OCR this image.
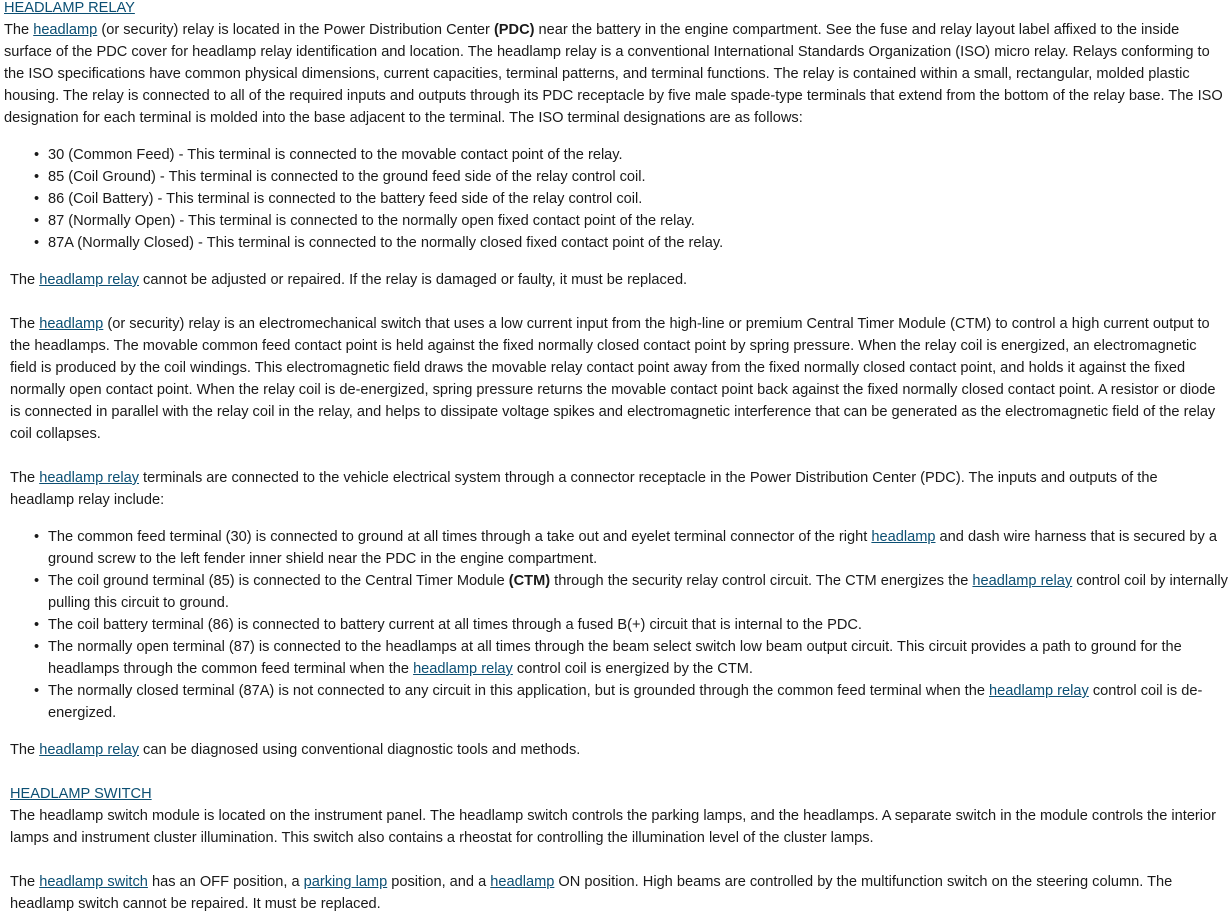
HEADLAMP RELAY

The headlamp (or security) relay is located in the Power Distribution Center (PDC) near the battery in the engine compartment. See the fuse and relay layout label affixed to the inside surface of the PDC cover for headlamp relay identification and location. The headlamp relay is a conventional International Standards Organization (ISO) micro relay. Relays conforming to the ISO specifications have common physical dimensions, current capacities, terminal patterns, and terminal functions. The relay is contained within a small, rectangular, molded plastic housing. The relay is connected to all of the required inputs and outputs through its PDC receptacle by five male spade-type terminals that extend from the bottom of the relay base. The ISO designation for each terminal is molded into the base adjacent to the terminal. The ISO terminal designations are as follows:

• 30 (Common Feed) - This terminal is connected to the movable contact point of the relay.
• 85 (Coil Ground) - This terminal is connected to the ground feed side of the relay control coil.
• 86 (Coil Battery) - This terminal is connected to the battery feed side of the relay control coil.
• 87 (Normally Open) - This terminal is connected to the normally open fixed contact point of the relay.
• 87A (Normally Closed) - This terminal is connected to the normally closed fixed contact point of the relay.

The headlamp relay cannot be adjusted or repaired. If the relay is damaged or faulty, it must be replaced.

The headlamp (or security) relay is an electromechanical switch that uses a low current input from the high-line or premium Central Timer Module (CTM) to control a high current output to the headlamps. The movable common feed contact point is held against the fixed normally closed contact point by spring pressure. When the relay coil is energized, an electromagnetic field is produced by the coil windings. This electromagnetic field draws the movable relay contact point away from the fixed normally closed contact point, and holds it against the fixed normally open contact point. When the relay coil is de-energized, spring pressure returns the movable contact point back against the fixed normally closed contact point. A resistor or diode is connected in parallel with the relay coil in the relay, and helps to dissipate voltage spikes and electromagnetic interference that can be generated as the electromagnetic field of the relay coil collapses.

The headlamp relay terminals are connected to the vehicle electrical system through a connector receptacle in the Power Distribution Center (PDC). The inputs and outputs of the headlamp relay include:

• The common feed terminal (30) is connected to ground at all times through a take out and eyelet terminal connector of the right headlamp and dash wire harness that is secured by a ground screw to the left fender inner shield near the PDC in the engine compartment.
• The coil ground terminal (85) is connected to the Central Timer Module (CTM) through the security relay control circuit. The CTM energizes the headlamp relay control coil by internally pulling this circuit to ground.
• The coil battery terminal (86) is connected to battery current at all times through a fused B(+) circuit that is internal to the PDC.
• The normally open terminal (87) is connected to the headlamps at all times through the beam select switch low beam output circuit. This circuit provides a path to ground for the headlamps through the common feed terminal when the headlamp relay control coil is energized by the CTM.
• The normally closed terminal (87A) is not connected to any circuit in this application, but is grounded through the common feed terminal when the headlamp relay control coil is de-energized.

The headlamp relay can be diagnosed using conventional diagnostic tools and methods.

HEADLAMP SWITCH

The headlamp switch module is located on the instrument panel. The headlamp switch controls the parking lamps, and the headlamps. A separate switch in the module controls the interior lamps and instrument cluster illumination. This switch also contains a rheostat for controlling the illumination level of the cluster lamps.

The headlamp switch has an OFF position, a parking lamp position, and a headlamp ON position. High beams are controlled by the multifunction switch on the steering column. The headlamp switch cannot be repaired. It must be replaced.
